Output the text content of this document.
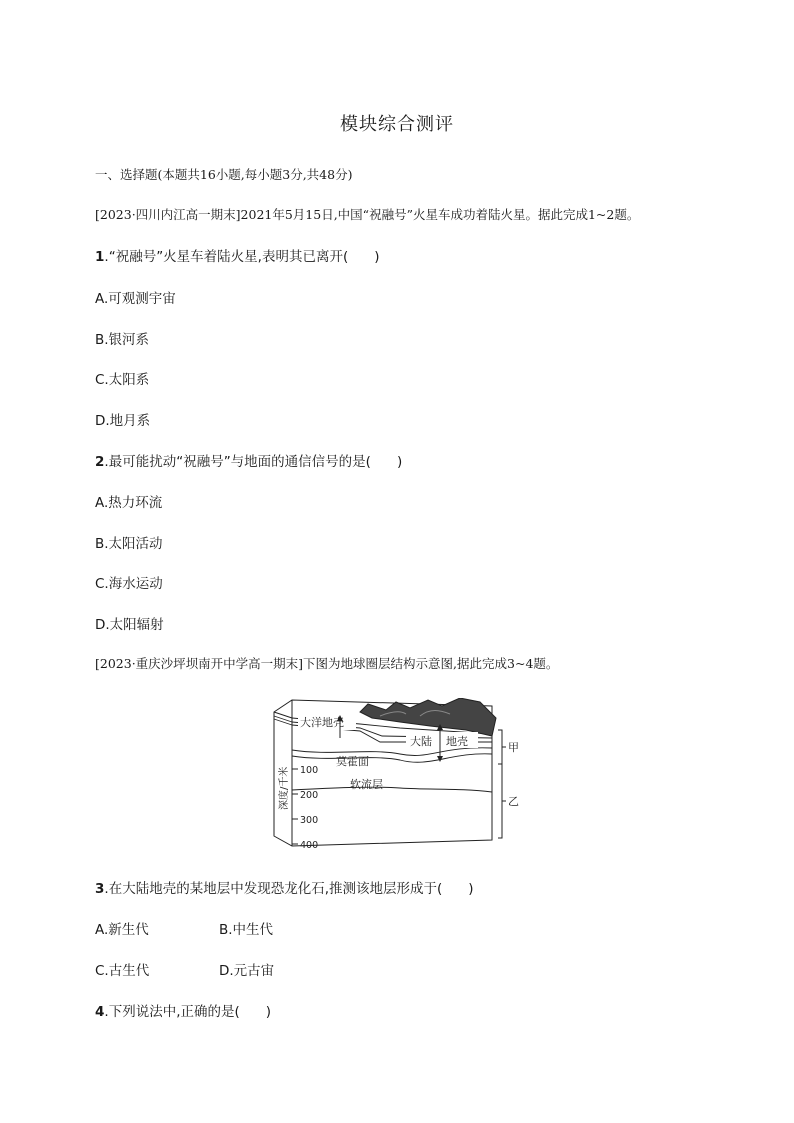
模块综合测评
一、选择题(本题共16小题,每小题3分,共48分)
[2023·四川内江高一期末]2021年5月15日,中国“祝融号”火星车成功着陆火星。据此完成1~2题。
1.“祝融号”火星车着陆火星,表明其已离开( )
A.可观测宇宙
B.银河系
C.太阳系
D.地月系
2.最可能扰动“祝融号”与地面的通信信号的是( )
A.热力环流
B.太阳活动
C.海水运动
D.太阳辐射
[2023·重庆沙坪坝南开中学高一期末]下图为地球圈层结构示意图,据此完成3~4题。
大洋地壳
大陆 地壳
莫霍面
软流层
100
200
300
400
深度/千米
甲
乙
3.在大陆地壳的某地层中发现恐龙化石,推测该地层形成于( )
A.新生代	B.中生代
C.古生代	D.元古宙
4.下列说法中,正确的是( )
